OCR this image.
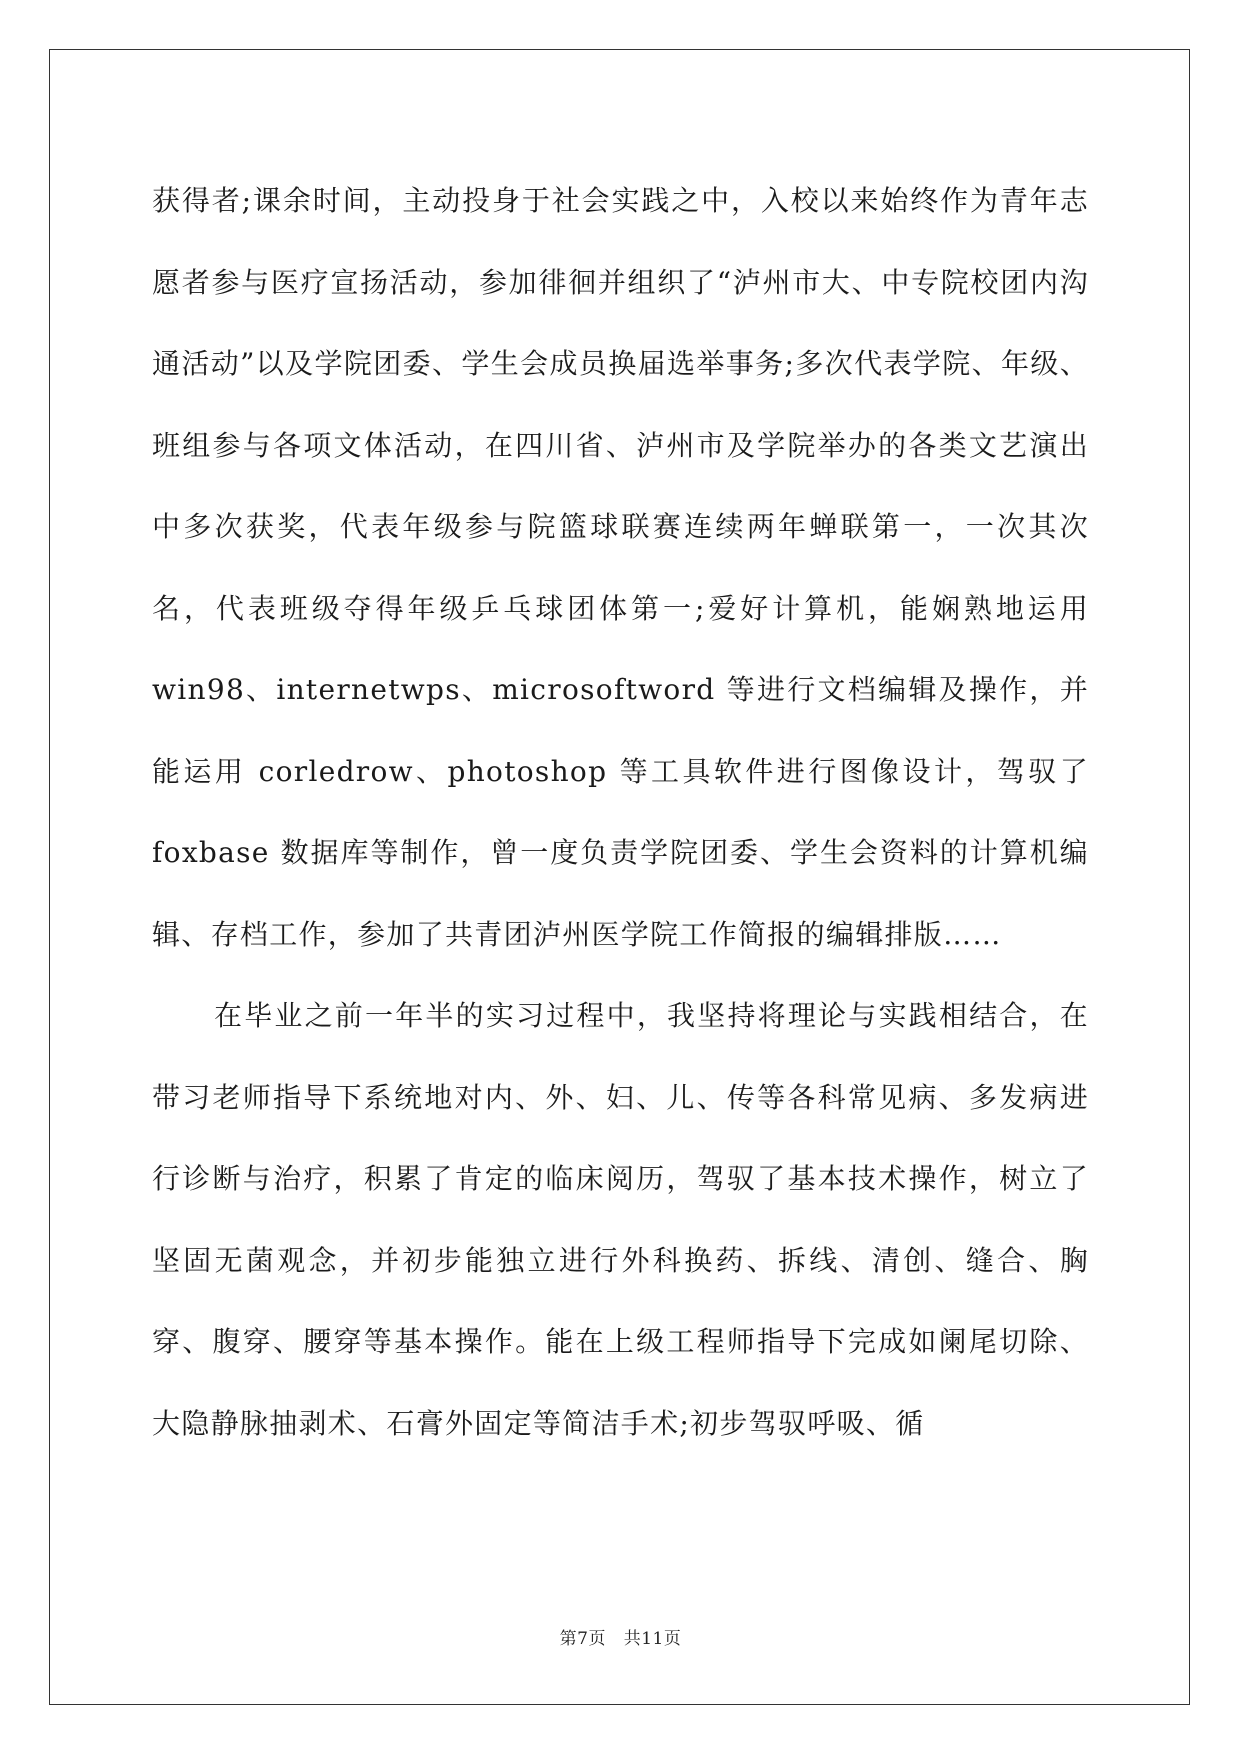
获得者;课余时间，主动投身于社会实践之中，入校以来始终作为青年志愿者参与医疗宣扬活动，参加徘徊并组织了“泸州市大、中专院校团内沟通活动”以及学院团委、学生会成员换届选举事务;多次代表学院、年级、班组参与各项文体活动，在四川省、泸州市及学院举办的各类文艺演出中多次获奖，代表年级参与院篮球联赛连续两年蝉联第一，一次其次名，代表班级夺得年级乒乓球团体第一;爱好计算机，能娴熟地运用 win98、internetwps、microsoftword 等进行文档编辑及操作，并能运用 corledrow、photoshop 等工具软件进行图像设计，驾驭了 foxbase 数据库等制作，曾一度负责学院团委、学生会资料的计算机编辑、存档工作，参加了共青团泸州医学院工作简报的编辑排版……

在毕业之前一年半的实习过程中，我坚持将理论与实践相结合，在带习老师指导下系统地对内、外、妇、儿、传等各科常见病、多发病进行诊断与治疗，积累了肯定的临床阅历，驾驭了基本技术操作，树立了坚固无菌观念，并初步能独立进行外科换药、拆线、清创、缝合、胸穿、腹穿、腰穿等基本操作。能在上级工程师指导下完成如阑尾切除、大隐静脉抽剥术、石膏外固定等简洁手术;初步驾驭呼吸、循

第7页 共11页
